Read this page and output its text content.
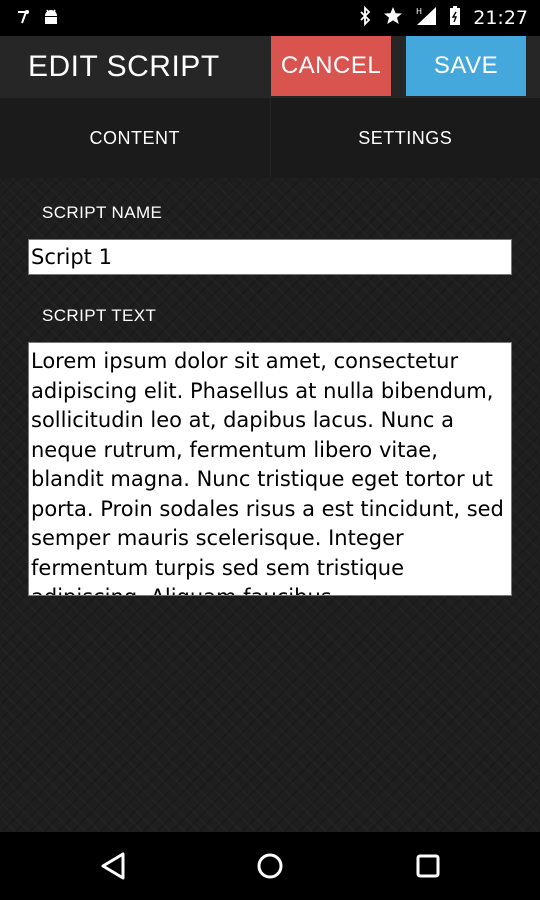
H	21:27
EDIT SCRIPT	CANCEL	SAVE
CONTENT	SETTINGS
SCRIPT NAME
Script 1
SCRIPT TEXT
Lorem ipsum dolor sit amet, consectetur adipiscing elit. Phasellus at nulla bibendum, sollicitudin leo at, dapibus lacus. Nunc a neque rutrum, fermentum libero vitae, blandit magna. Nunc tristique eget tortor ut porta. Proin sodales risus a est tincidunt, sed semper mauris scelerisque. Integer fermentum turpis sed sem tristique adipiscing. Aliquam faucibus
